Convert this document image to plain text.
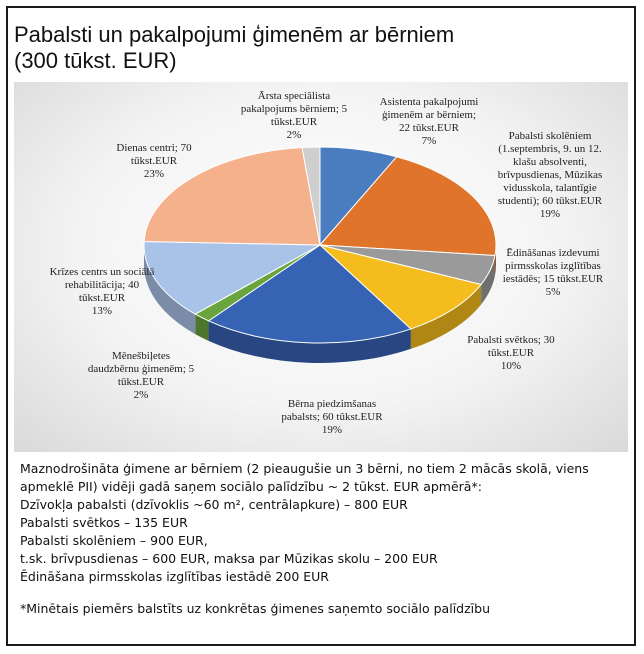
Pabalsti un pakalpojumi ģimenēm ar bērniem
(300 tūkst. EUR)
Asistenta pakalpojumi
ģimenēm ar bērniem;
22 tūkst.EUR
7%	Pabalsti skolēniem
(1.septembris, 9. un 12.
klašu absolventi,
brīvpusdienas, Mūzikas
vidusskola, talantīgie
studenti); 60 tūkst.EUR
19%
Ēdināšanas izdevumi
pirmsskolas izglītības
iestādēs; 15 tūkst.EUR
5%
Pabalsti svētkos; 30
tūkst.EUR
10%
Bērna piedzimšanas
pabalsts; 60 tūkst.EUR
19%
Mēnešbiļetes
daudzbērnu ģimenēm; 5
tūkst.EUR
2%
Krīzes centrs un sociālā
rehabilitācija; 40
tūkst.EUR
13%
Dienas centri; 70
tūkst.EUR
23%
Ārsta speciālista
pakalpojums bērniem; 5
tūkst.EUR
2%

Maznodrošināta ģimene ar bērniem (2 pieaugušie un 3 bērni, no tiem 2 mācās skolā, viens apmeklē PII) vidēji gadā saņem sociālo palīdzību ~ 2 tūkst. EUR apmērā*:

Dzīvokļa pabalsti (dzīvoklis ~60 m², centrālapkure) – 800 EUR

Pabalsti svētkos – 135 EUR

Pabalsti skolēniem – 900 EUR,

t.sk. brīvpusdienas – 600 EUR, maksa par Mūzikas skolu – 200 EUR

Ēdināšana pirmsskolas izglītības iestādē 200 EUR

*Minētais piemērs balstīts uz konkrētas ģimenes saņemto sociālo palīdzību
